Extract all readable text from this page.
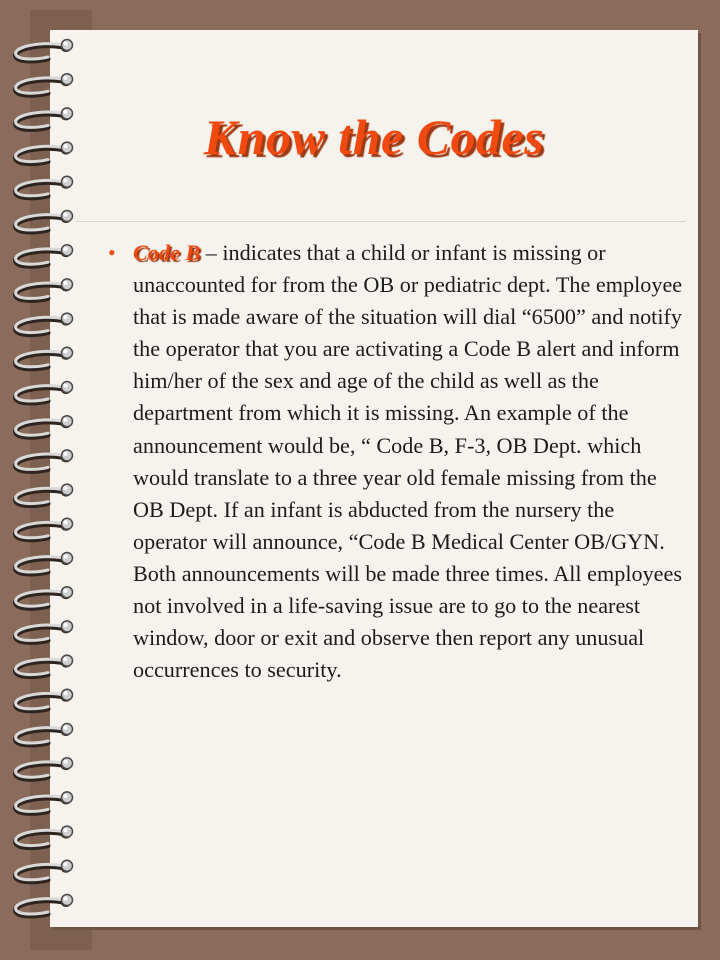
Know the Codes
• Code B – indicates that a child or infant is missing or unaccounted for from the OB or pediatric dept. The employee that is made aware of the situation will dial “6500” and notify the operator that you are activating a Code B alert and inform him/her of the sex and age of the child as well as the department from which it is missing. An example of the announcement would be, “ Code B, F-3, OB Dept. which would translate to a three year old female missing from the OB Dept. If an infant is abducted from the nursery the operator will announce, “Code B Medical Center OB/GYN. Both announcements will be made three times. All employees not involved in a life-saving issue are to go to the nearest window, door or exit and observe then report any unusual occurrences to security.
